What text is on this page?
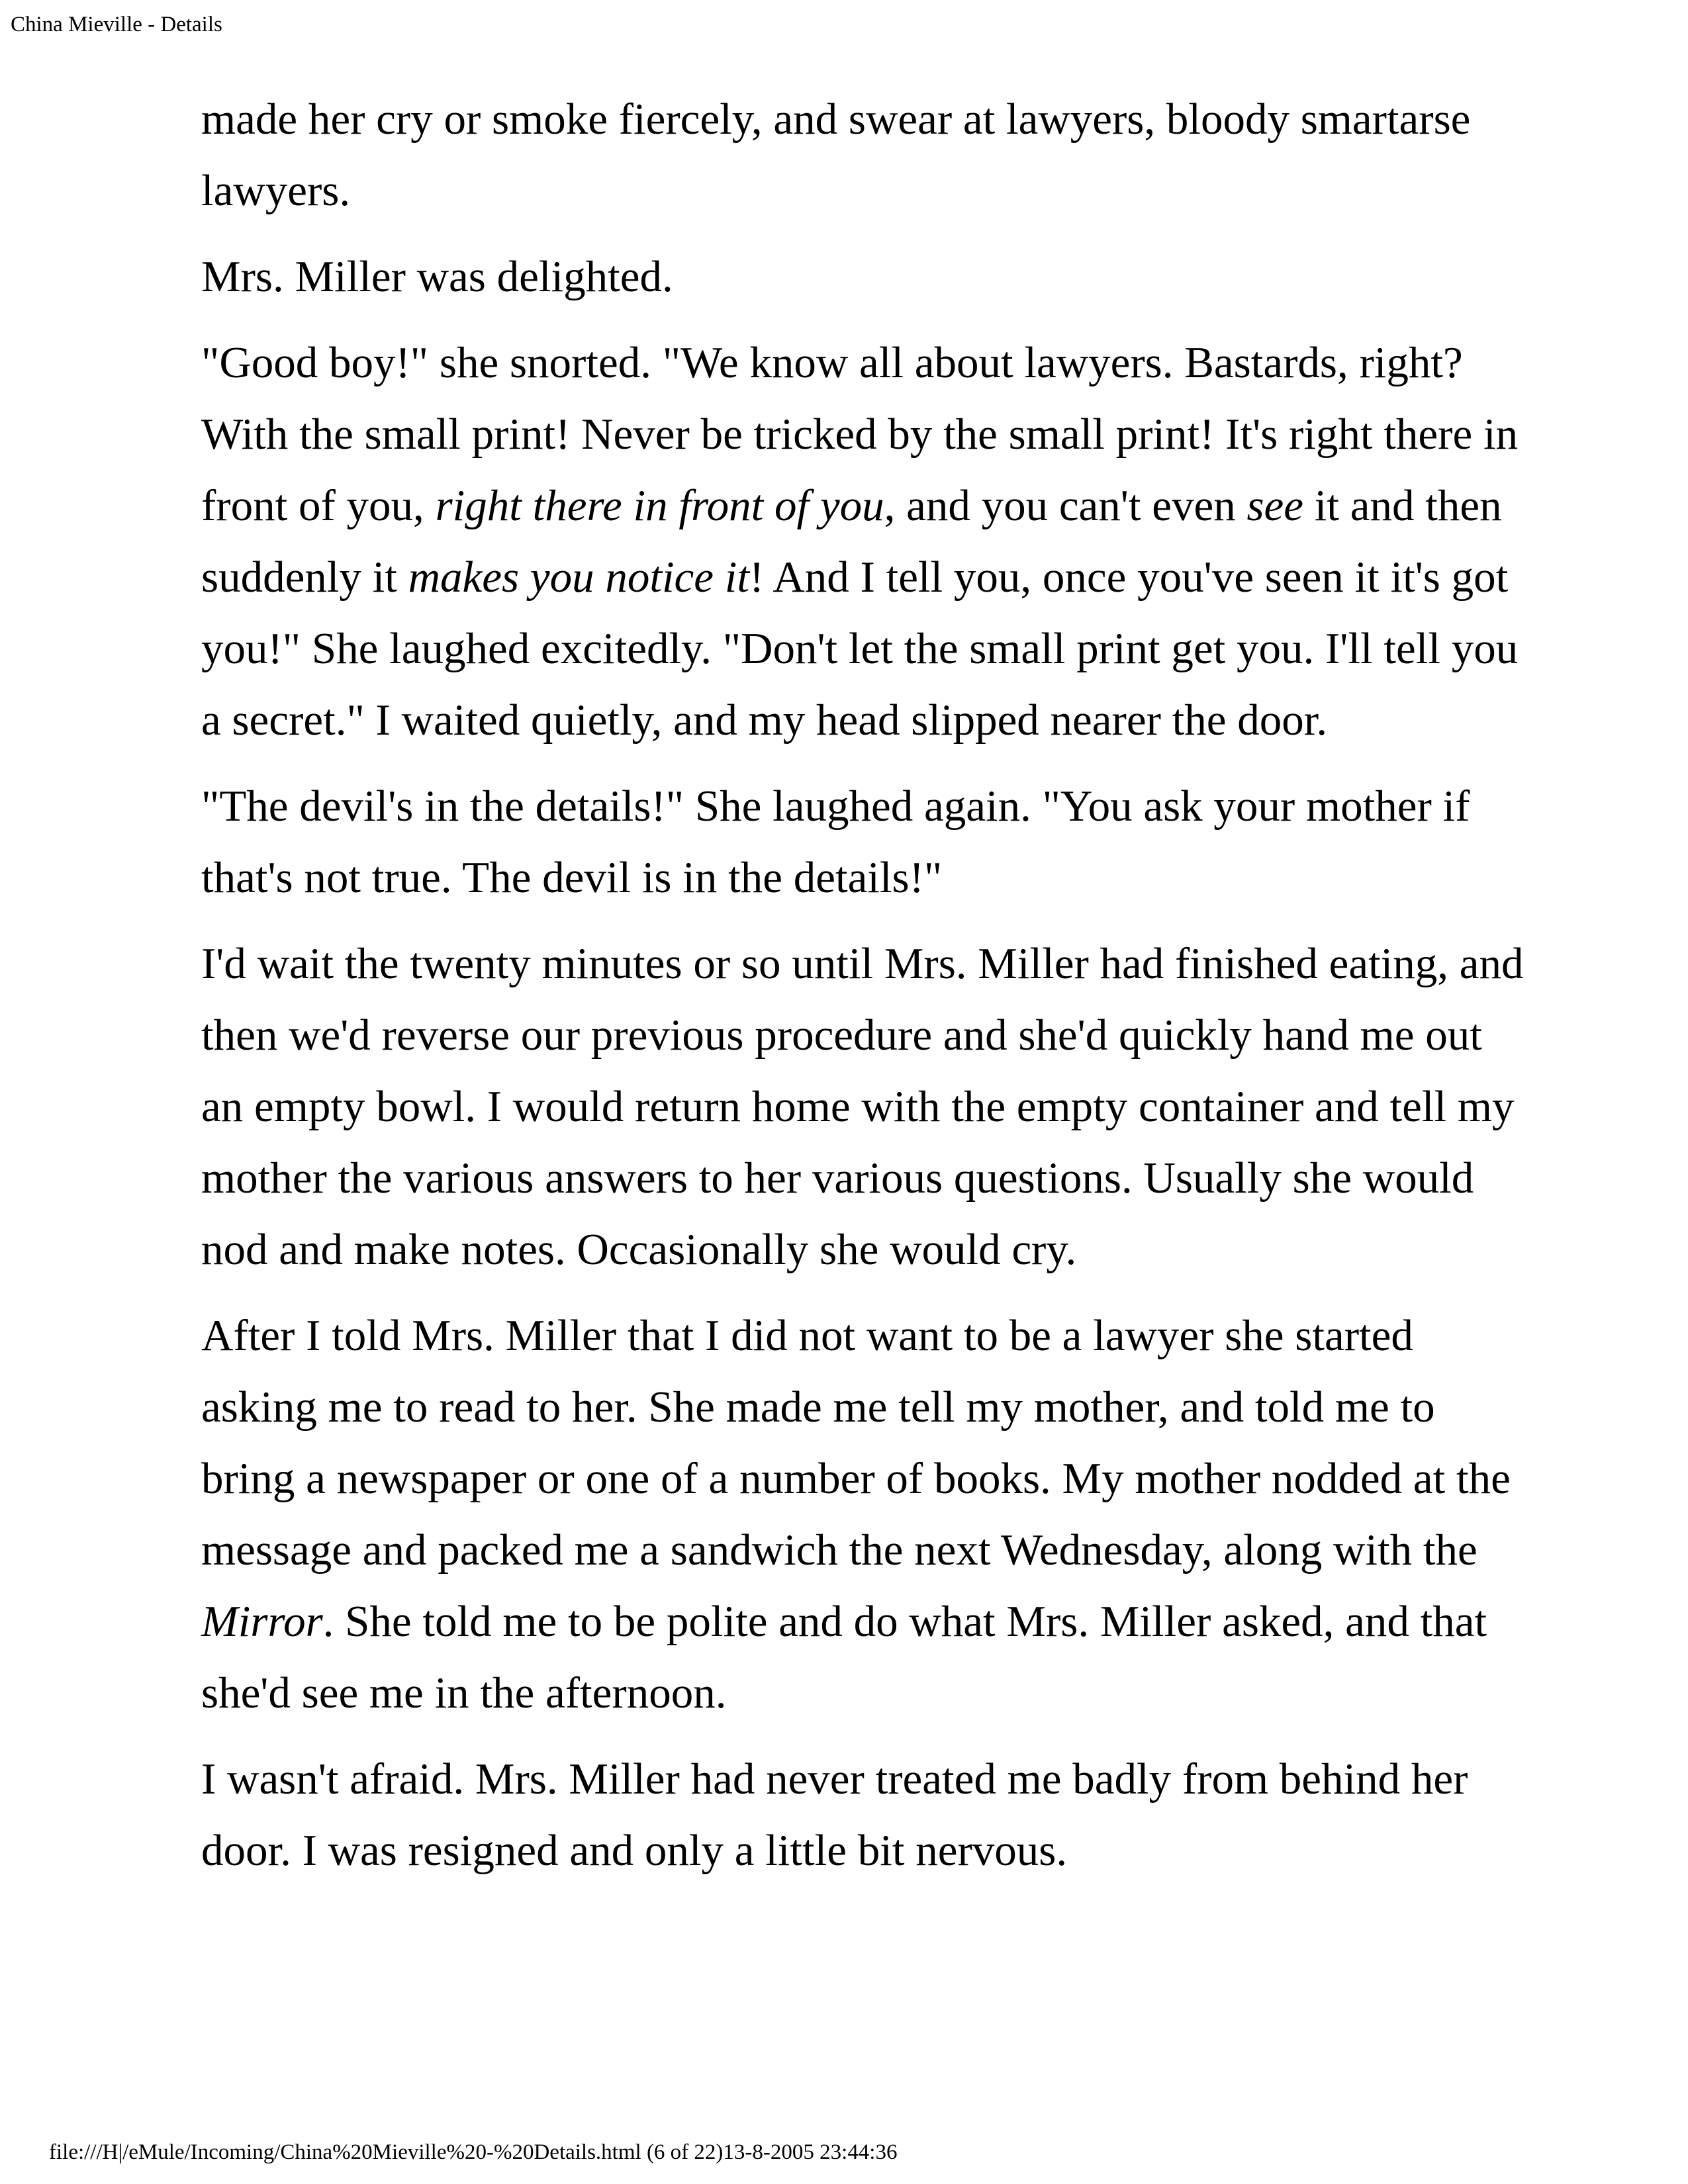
China Mieville - Details

made her cry or smoke fiercely, and swear at lawyers, bloody smartarse lawyers.

Mrs. Miller was delighted.

"Good boy!" she snorted. "We know all about lawyers. Bastards, right? With the small print! Never be tricked by the small print! It's right there in front of you, right there in front of you, and you can't even see it and then suddenly it makes you notice it! And I tell you, once you've seen it it's got you!" She laughed excitedly. "Don't let the small print get you. I'll tell you a secret." I waited quietly, and my head slipped nearer the door.

"The devil's in the details!" She laughed again. "You ask your mother if that's not true. The devil is in the details!"

I'd wait the twenty minutes or so until Mrs. Miller had finished eating, and then we'd reverse our previous procedure and she'd quickly hand me out an empty bowl. I would return home with the empty container and tell my mother the various answers to her various questions. Usually she would nod and make notes. Occasionally she would cry.

After I told Mrs. Miller that I did not want to be a lawyer she started asking me to read to her. She made me tell my mother, and told me to bring a newspaper or one of a number of books. My mother nodded at the message and packed me a sandwich the next Wednesday, along with the Mirror. She told me to be polite and do what Mrs. Miller asked, and that she'd see me in the afternoon.

I wasn't afraid. Mrs. Miller had never treated me badly from behind her door. I was resigned and only a little bit nervous.

file:///H|/eMule/Incoming/China%20Mieville%20-%20Details.html (6 of 22)13-8-2005 23:44:36
